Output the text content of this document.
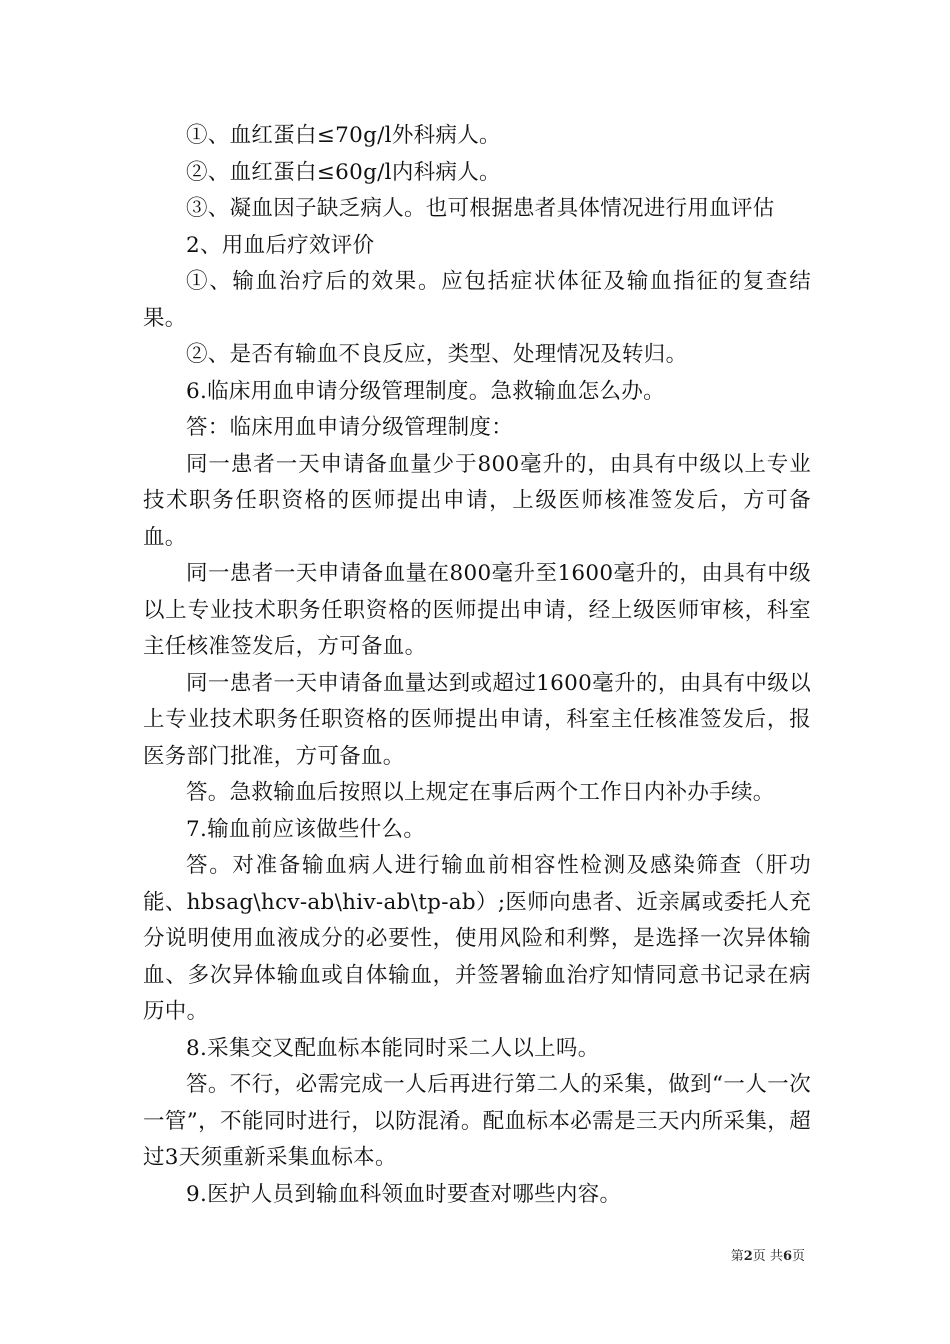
①、血红蛋白≤70g/l外科病人。

②、血红蛋白≤60g/l内科病人。

③、凝血因子缺乏病人。也可根据患者具体情况进行用血评估

2、用血后疗效评价

①、输血治疗后的效果。应包括症状体征及输血指征的复查结果。

②、是否有输血不良反应，类型、处理情况及转归。

6.临床用血申请分级管理制度。急救输血怎么办。

答：临床用血申请分级管理制度：

同一患者一天申请备血量少于800毫升的，由具有中级以上专业技术职务任职资格的医师提出申请，上级医师核准签发后，方可备血。

同一患者一天申请备血量在800毫升至1600毫升的，由具有中级以上专业技术职务任职资格的医师提出申请，经上级医师审核，科室主任核准签发后，方可备血。

同一患者一天申请备血量达到或超过1600毫升的，由具有中级以上专业技术职务任职资格的医师提出申请，科室主任核准签发后，报医务部门批准，方可备血。

答。急救输血后按照以上规定在事后两个工作日内补办手续。

7.输血前应该做些什么。

答。对准备输血病人进行输血前相容性检测及感染筛查（肝功能、hbsag\hcv-ab\hiv-ab\tp-ab）;医师向患者、近亲属或委托人充分说明使用血液成分的必要性，使用风险和利弊，是选择一次异体输血、多次异体输血或自体输血，并签署输血治疗知情同意书记录在病历中。

8.采集交叉配血标本能同时采二人以上吗。

答。不行，必需完成一人后再进行第二人的采集，做到“一人一次一管”，不能同时进行，以防混淆。配血标本必需是三天内所采集，超过3天须重新采集血标本。

9.医护人员到输血科领血时要查对哪些内容。

第2页 共6页
